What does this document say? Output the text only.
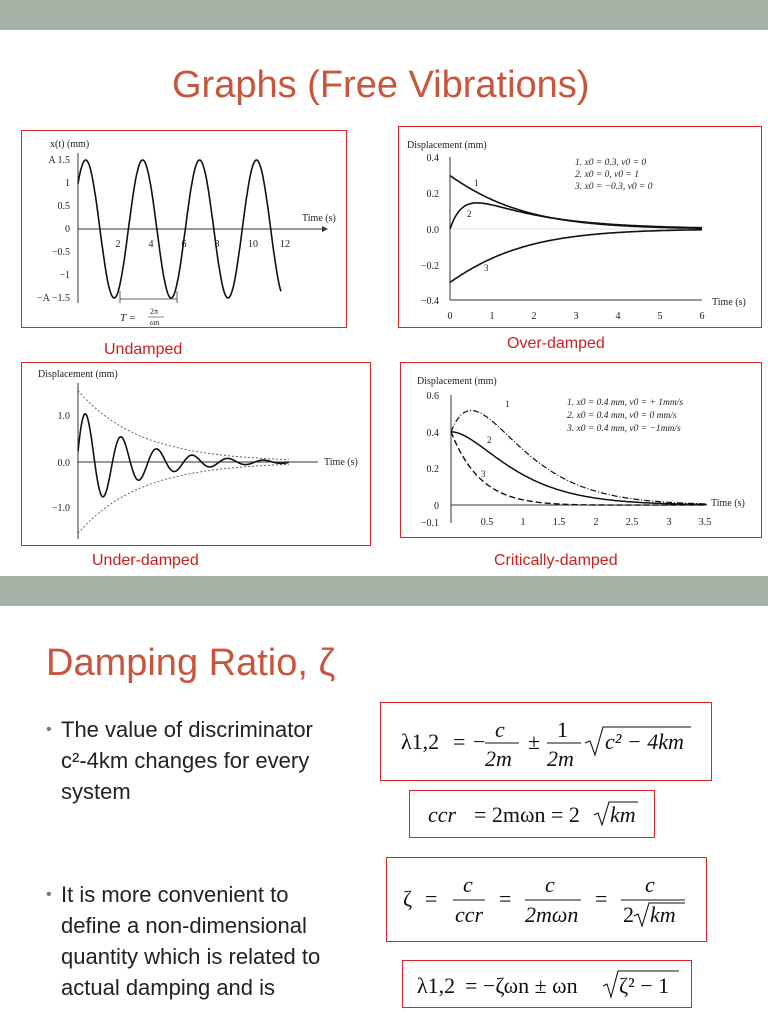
Graphs (Free Vibrations)
x(t) (mm)
Time (s)
A 1.5
1
0.5
0
−0.5
−1
−A −1.5
2	4	6	8	10 12
T =
2π
ωn
Undamped
Displacement (mm)
Time (s)
0.4
0.2
0.0
−0.2
−0.4
0	1	2	3	4	5	6
1. x0 = 0.3, v0 = 0
2. x0 = 0, v0 = 1
3. x0 = −0.3, v0 = 0
1
2
3
Over-damped
Displacement (mm)
Time (s)
1.0
0.0
−1.0
Under-damped
Displacement (mm)
Time (s)
0.6
0.4
0.2
0
−0.1	0.5	1	1.5	2	2.5	3	3.5
1. x0 = 0.4 mm, v0 = + 1mm/s
2. x0 = 0.4 mm, v0 = 0 mm/s
3. x0 = 0.4 mm, v0 = −1mm/s
1
2
3
Critically-damped
Damping Ratio, ζ
• The value of discriminator c²-4km changes for every system
• It is more convenient to define a non-dimensional quantity which is related to actual damping and is
λ1,2 = − c
2m
± 1
2m
c² − 4km
ccr = 2mωn = 2 km
ζ =
c
ccr
=
c
2mωn
=
c
2 km
λ1,2 = −ζωn ± ωn ζ² − 1
